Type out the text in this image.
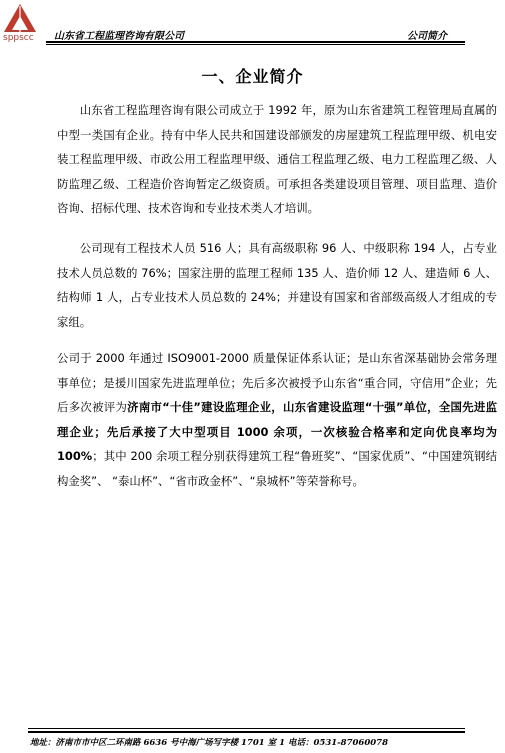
sppscc 山东省工程监理咨询有限公司	公司简介
一、企业简介

山东省工程监理咨询有限公司成立于 1992 年，原为山东省建筑工程管理局直属的中型一类国有企业。持有中华人民共和国建设部颁发的房屋建筑工程监理甲级、机电安装工程监理甲级、市政公用工程监理甲级、通信工程监理乙级、电力工程监理乙级、人防监理乙级、工程造价咨询暂定乙级资质。可承担各类建设项目管理、项目监理、造价咨询、招标代理、技术咨询和专业技术类人才培训。

公司现有工程技术人员 516 人；具有高级职称 96 人、中级职称 194 人，占专业技术人员总数的 76%；国家注册的监理工程师 135 人、造价师 12 人、建造师 6 人、结构师 1 人，占专业技术人员总数的 24%；并建设有国家和省部级高级人才组成的专家组。

公司于 2000 年通过 ISO9001-2000 质量保证体系认证；是山东省深基础协会常务理事单位；是援川国家先进监理单位；先后多次被授予山东省“重合同，守信用”企业；先后多次被评为济南市“十佳”建设监理企业，山东省建设监理“十强”单位，全国先进监理企业；先后承接了大中型项目 1000 余项，一次核验合格率和定向优良率均为 100%；其中 200 余项工程分别获得建筑工程“鲁班奖”、“国家优质”、“中国建筑钢结构金奖”、 “泰山杯”、“省市政金杯”、“泉城杯”等荣誉称号。

地址：济南市市中区二环南路 6636 号中海广场写字楼 1701 室 1 电话：0531-87060078
